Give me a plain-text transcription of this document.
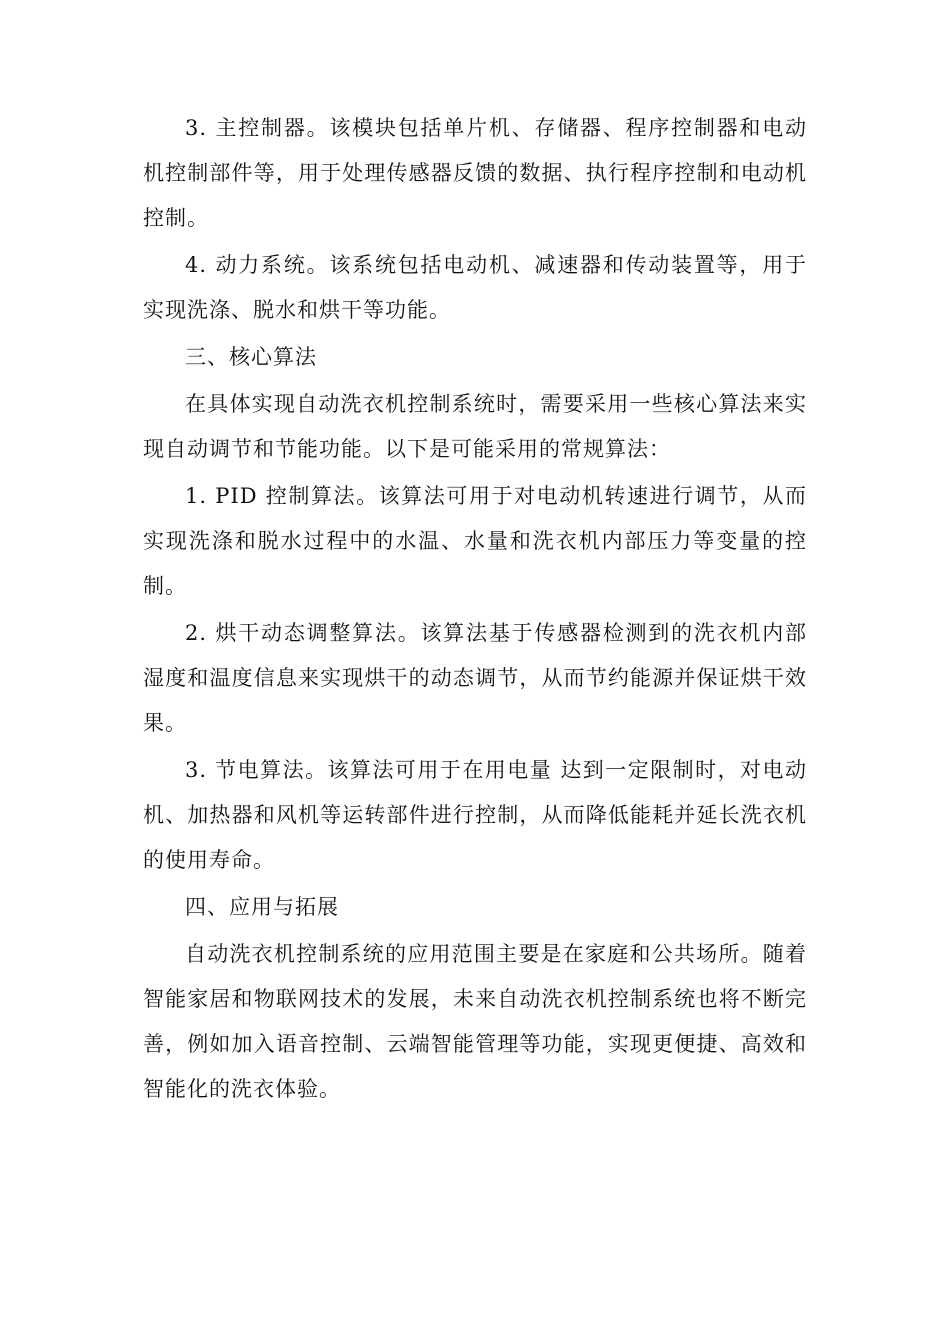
3. 主控制器。该模块包括单片机、存储器、程序控制器和电动机控制部件等，用于处理传感器反馈的数据、执行程序控制和电动机控制。

4. 动力系统。该系统包括电动机、减速器和传动装置等，用于实现洗涤、脱水和烘干等功能。

三、核心算法

在具体实现自动洗衣机控制系统时，需要采用一些核心算法来实现自动调节和节能功能。以下是可能采用的常规算法：

1. PID 控制算法。该算法可用于对电动机转速进行调节，从而实现洗涤和脱水过程中的水温、水量和洗衣机内部压力等变量的控制。

2. 烘干动态调整算法。该算法基于传感器检测到的洗衣机内部湿度和温度信息来实现烘干的动态调节，从而节约能源并保证烘干效果。

3. 节电算法。该算法可用于在用电量 达到一定限制时，对电动机、加热器和风机等运转部件进行控制，从而降低能耗并延长洗衣机的使用寿命。

四、应用与拓展

自动洗衣机控制系统的应用范围主要是在家庭和公共场所。随着智能家居和物联网技术的发展，未来自动洗衣机控制系统也将不断完善，例如加入语音控制、云端智能管理等功能，实现更便捷、高效和智能化的洗衣体验。
